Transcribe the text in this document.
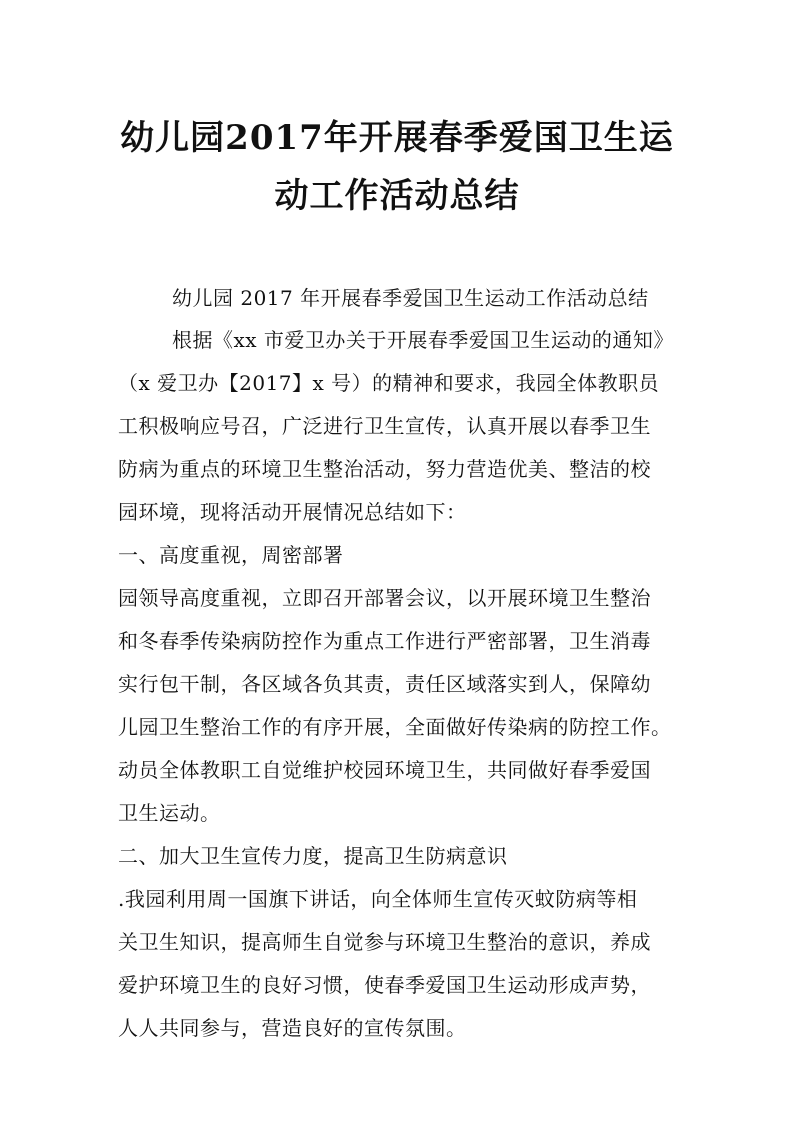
幼儿园2017年开展春季爱国卫生运
动工作活动总结
幼儿园 2017 年开展春季爱国卫生运动工作活动总结
根据《xx 市爱卫办关于开展春季爱国卫生运动的通知》
（x 爱卫办【2017】x 号）的精神和要求，我园全体教职员
工积极响应号召，广泛进行卫生宣传，认真开展以春季卫生
防病为重点的环境卫生整治活动，努力营造优美、整洁的校
园环境，现将活动开展情况总结如下：
一、高度重视，周密部署
园领导高度重视，立即召开部署会议，以开展环境卫生整治
和冬春季传染病防控作为重点工作进行严密部署，卫生消毒
实行包干制，各区域各负其责，责任区域落实到人，保障幼
儿园卫生整治工作的有序开展，全面做好传染病的防控工作。
动员全体教职工自觉维护校园环境卫生，共同做好春季爱国
卫生运动。
二、加大卫生宣传力度，提高卫生防病意识
.我园利用周一国旗下讲话，向全体师生宣传灭蚊防病等相
关卫生知识，提高师生自觉参与环境卫生整治的意识，养成
爱护环境卫生的良好习惯，使春季爱国卫生运动形成声势，
人人共同参与，营造良好的宣传氛围。
